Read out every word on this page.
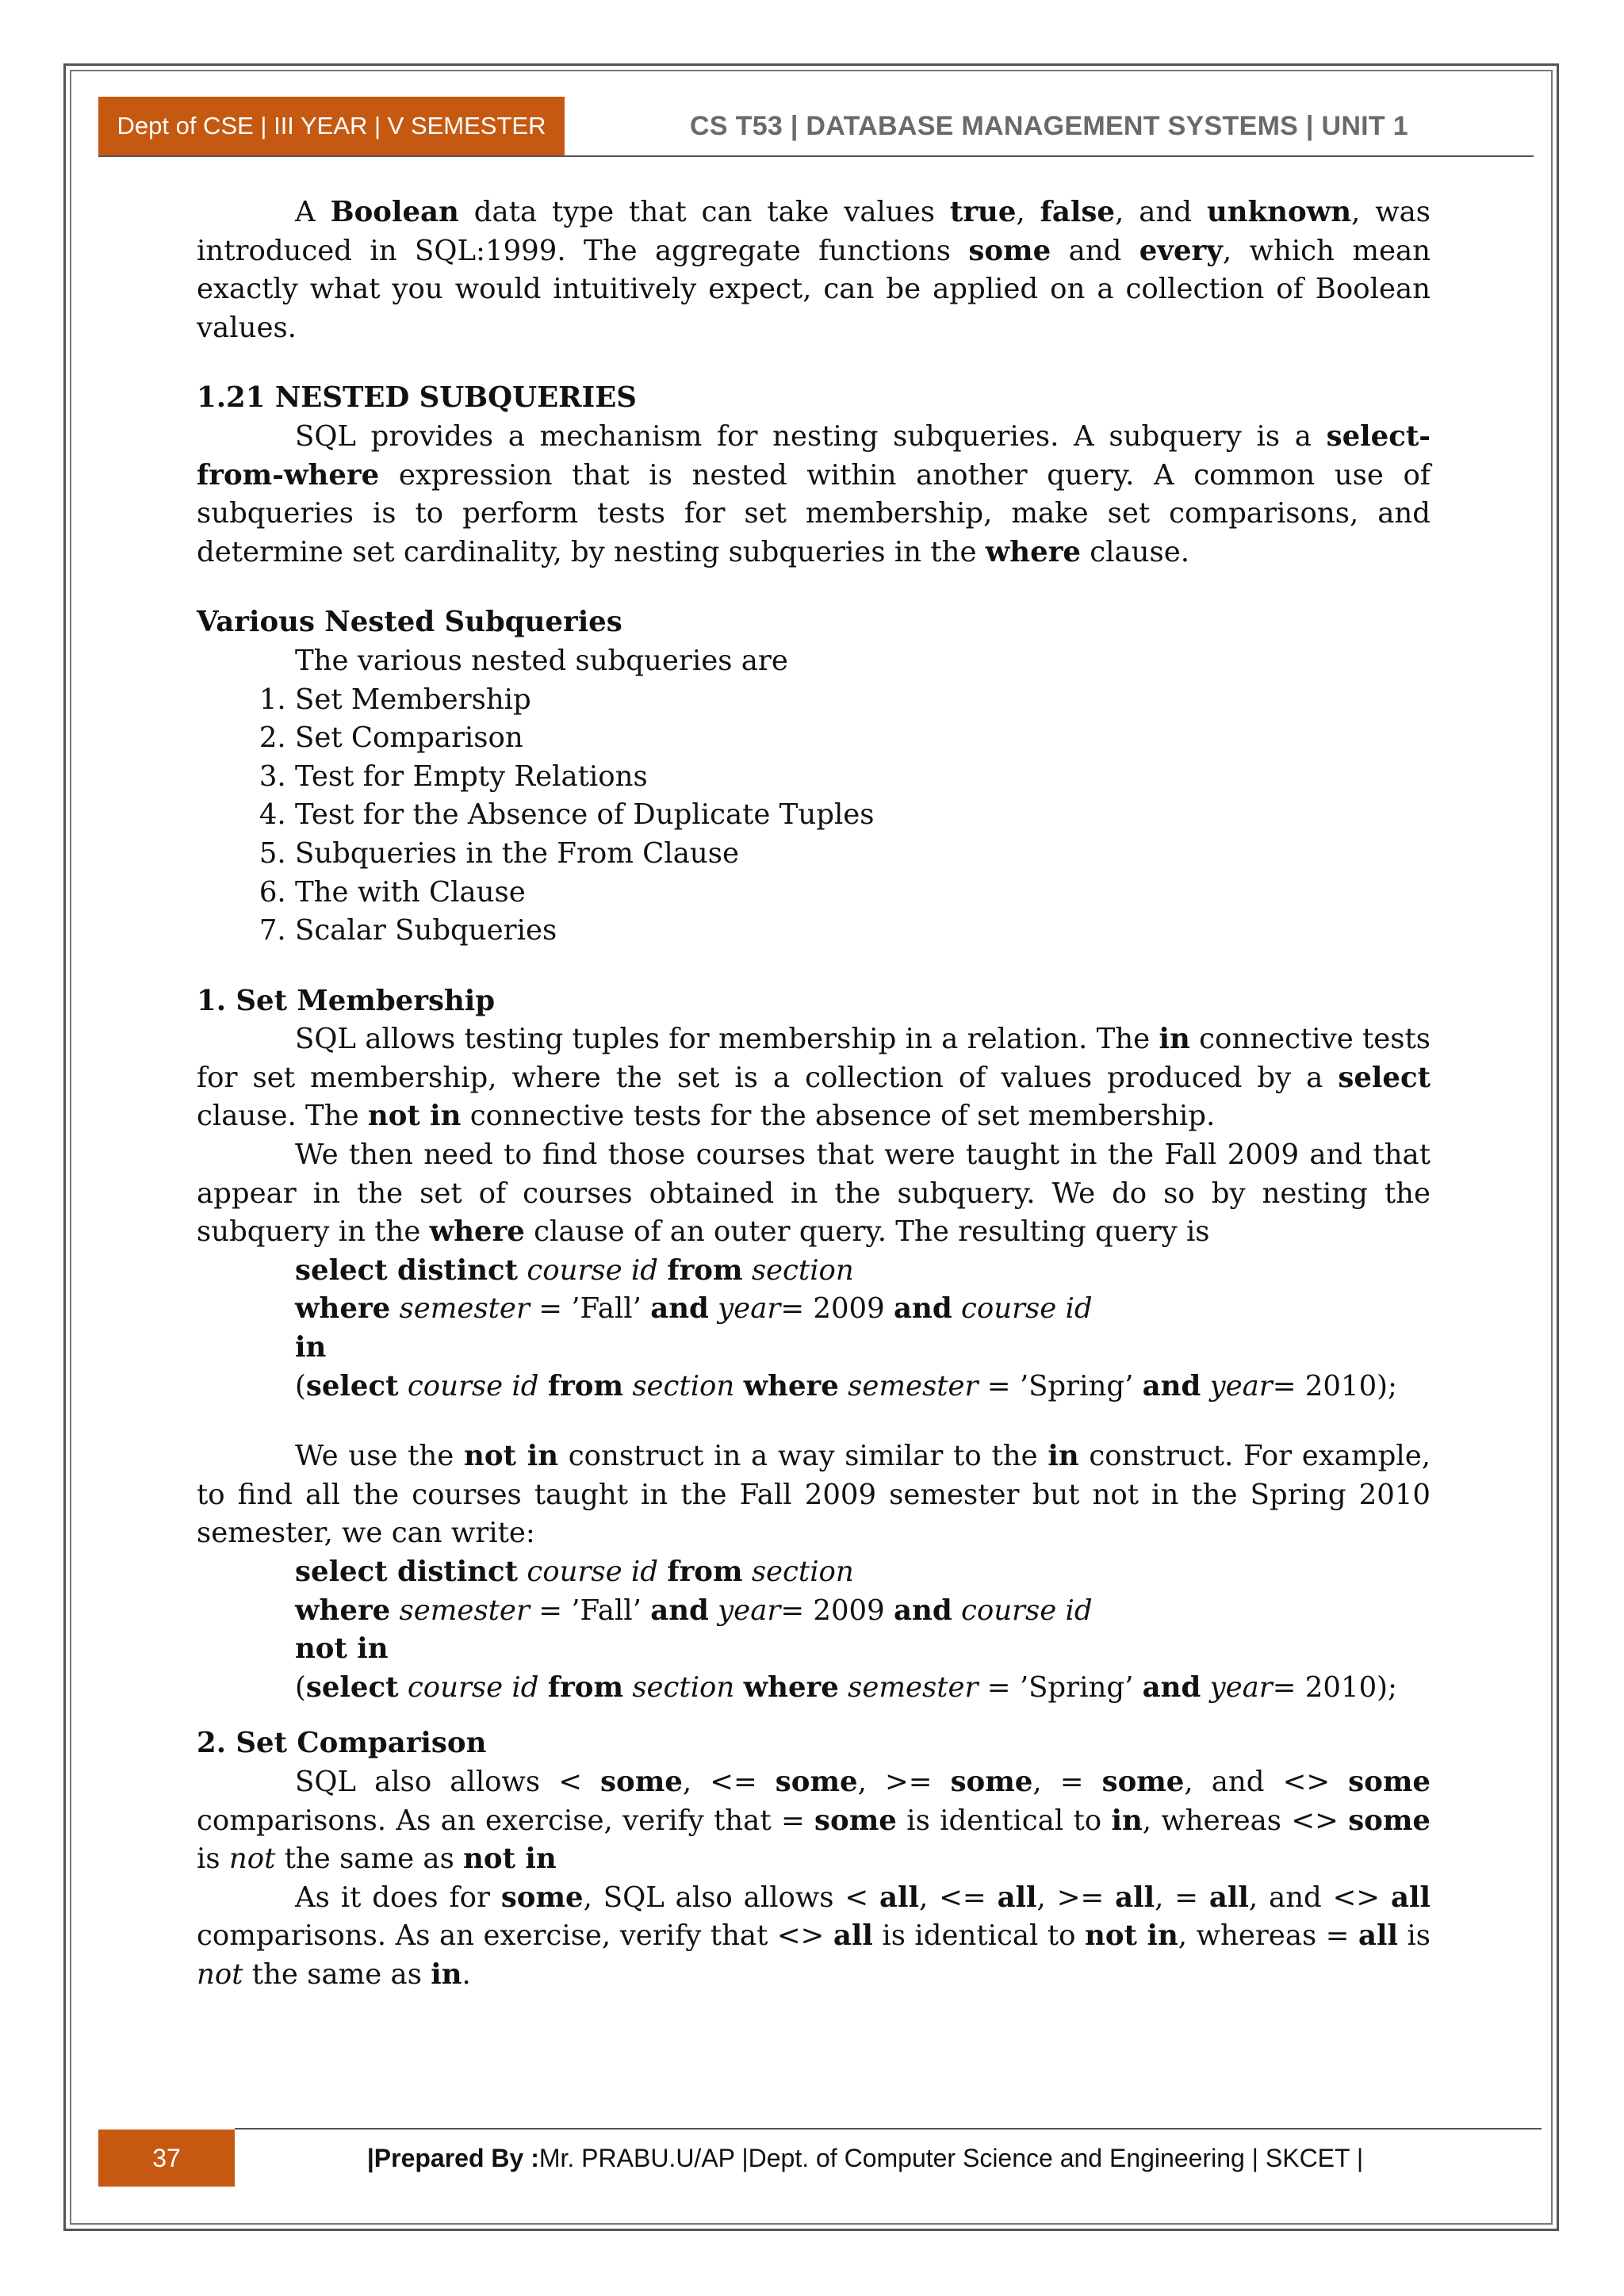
Dept of CSE | III YEAR | V SEMESTER	CS T53 | DATABASE MANAGEMENT SYSTEMS | UNIT 1

A Boolean data type that can take values true, false, and unknown, was introduced in SQL:1999. The aggregate functions some and every, which mean exactly what you would intuitively expect, can be applied on a collection of Boolean values.

1.21 NESTED SUBQUERIES

SQL provides a mechanism for nesting subqueries. A subquery is a select-from-where expression that is nested within another query. A common use of subqueries is to perform tests for set membership, make set comparisons, and determine set cardinality, by nesting subqueries in the where clause.

Various Nested Subqueries

The various nested subqueries are

1. Set Membership
2. Set Comparison
3. Test for Empty Relations
4. Test for the Absence of Duplicate Tuples
5. Subqueries in the From Clause
6. The with Clause
7. Scalar Subqueries
1. Set Membership

SQL allows testing tuples for membership in a relation. The in connective tests for set membership, where the set is a collection of values produced by a select clause. The not in connective tests for the absence of set membership.

We then need to find those courses that were taught in the Fall 2009 and that appear in the set of courses obtained in the subquery. We do so by nesting the subquery in the where clause of an outer query. The resulting query is

select distinct course id from section

where semester = ’Fall’ and year= 2009 and course id

in

(select course id from section where semester = ’Spring’ and year= 2010);

We use the not in construct in a way similar to the in construct. For example, to find all the courses taught in the Fall 2009 semester but not in the Spring 2010 semester, we can write:

select distinct course id from section

where semester = ’Fall’ and year= 2009 and course id

not in

(select course id from section where semester = ’Spring’ and year= 2010);

2. Set Comparison

SQL also allows < some, <= some, >= some, = some, and <> some comparisons. As an exercise, verify that = some is identical to in, whereas <> some is not the same as not in

As it does for some, SQL also allows < all, <= all, >= all, = all, and <> all comparisons. As an exercise, verify that <> all is identical to not in, whereas = all is not the same as in.

37	|Prepared By : Mr. PRABU.U/AP |Dept. of Computer Science and Engineering | SKCET |
